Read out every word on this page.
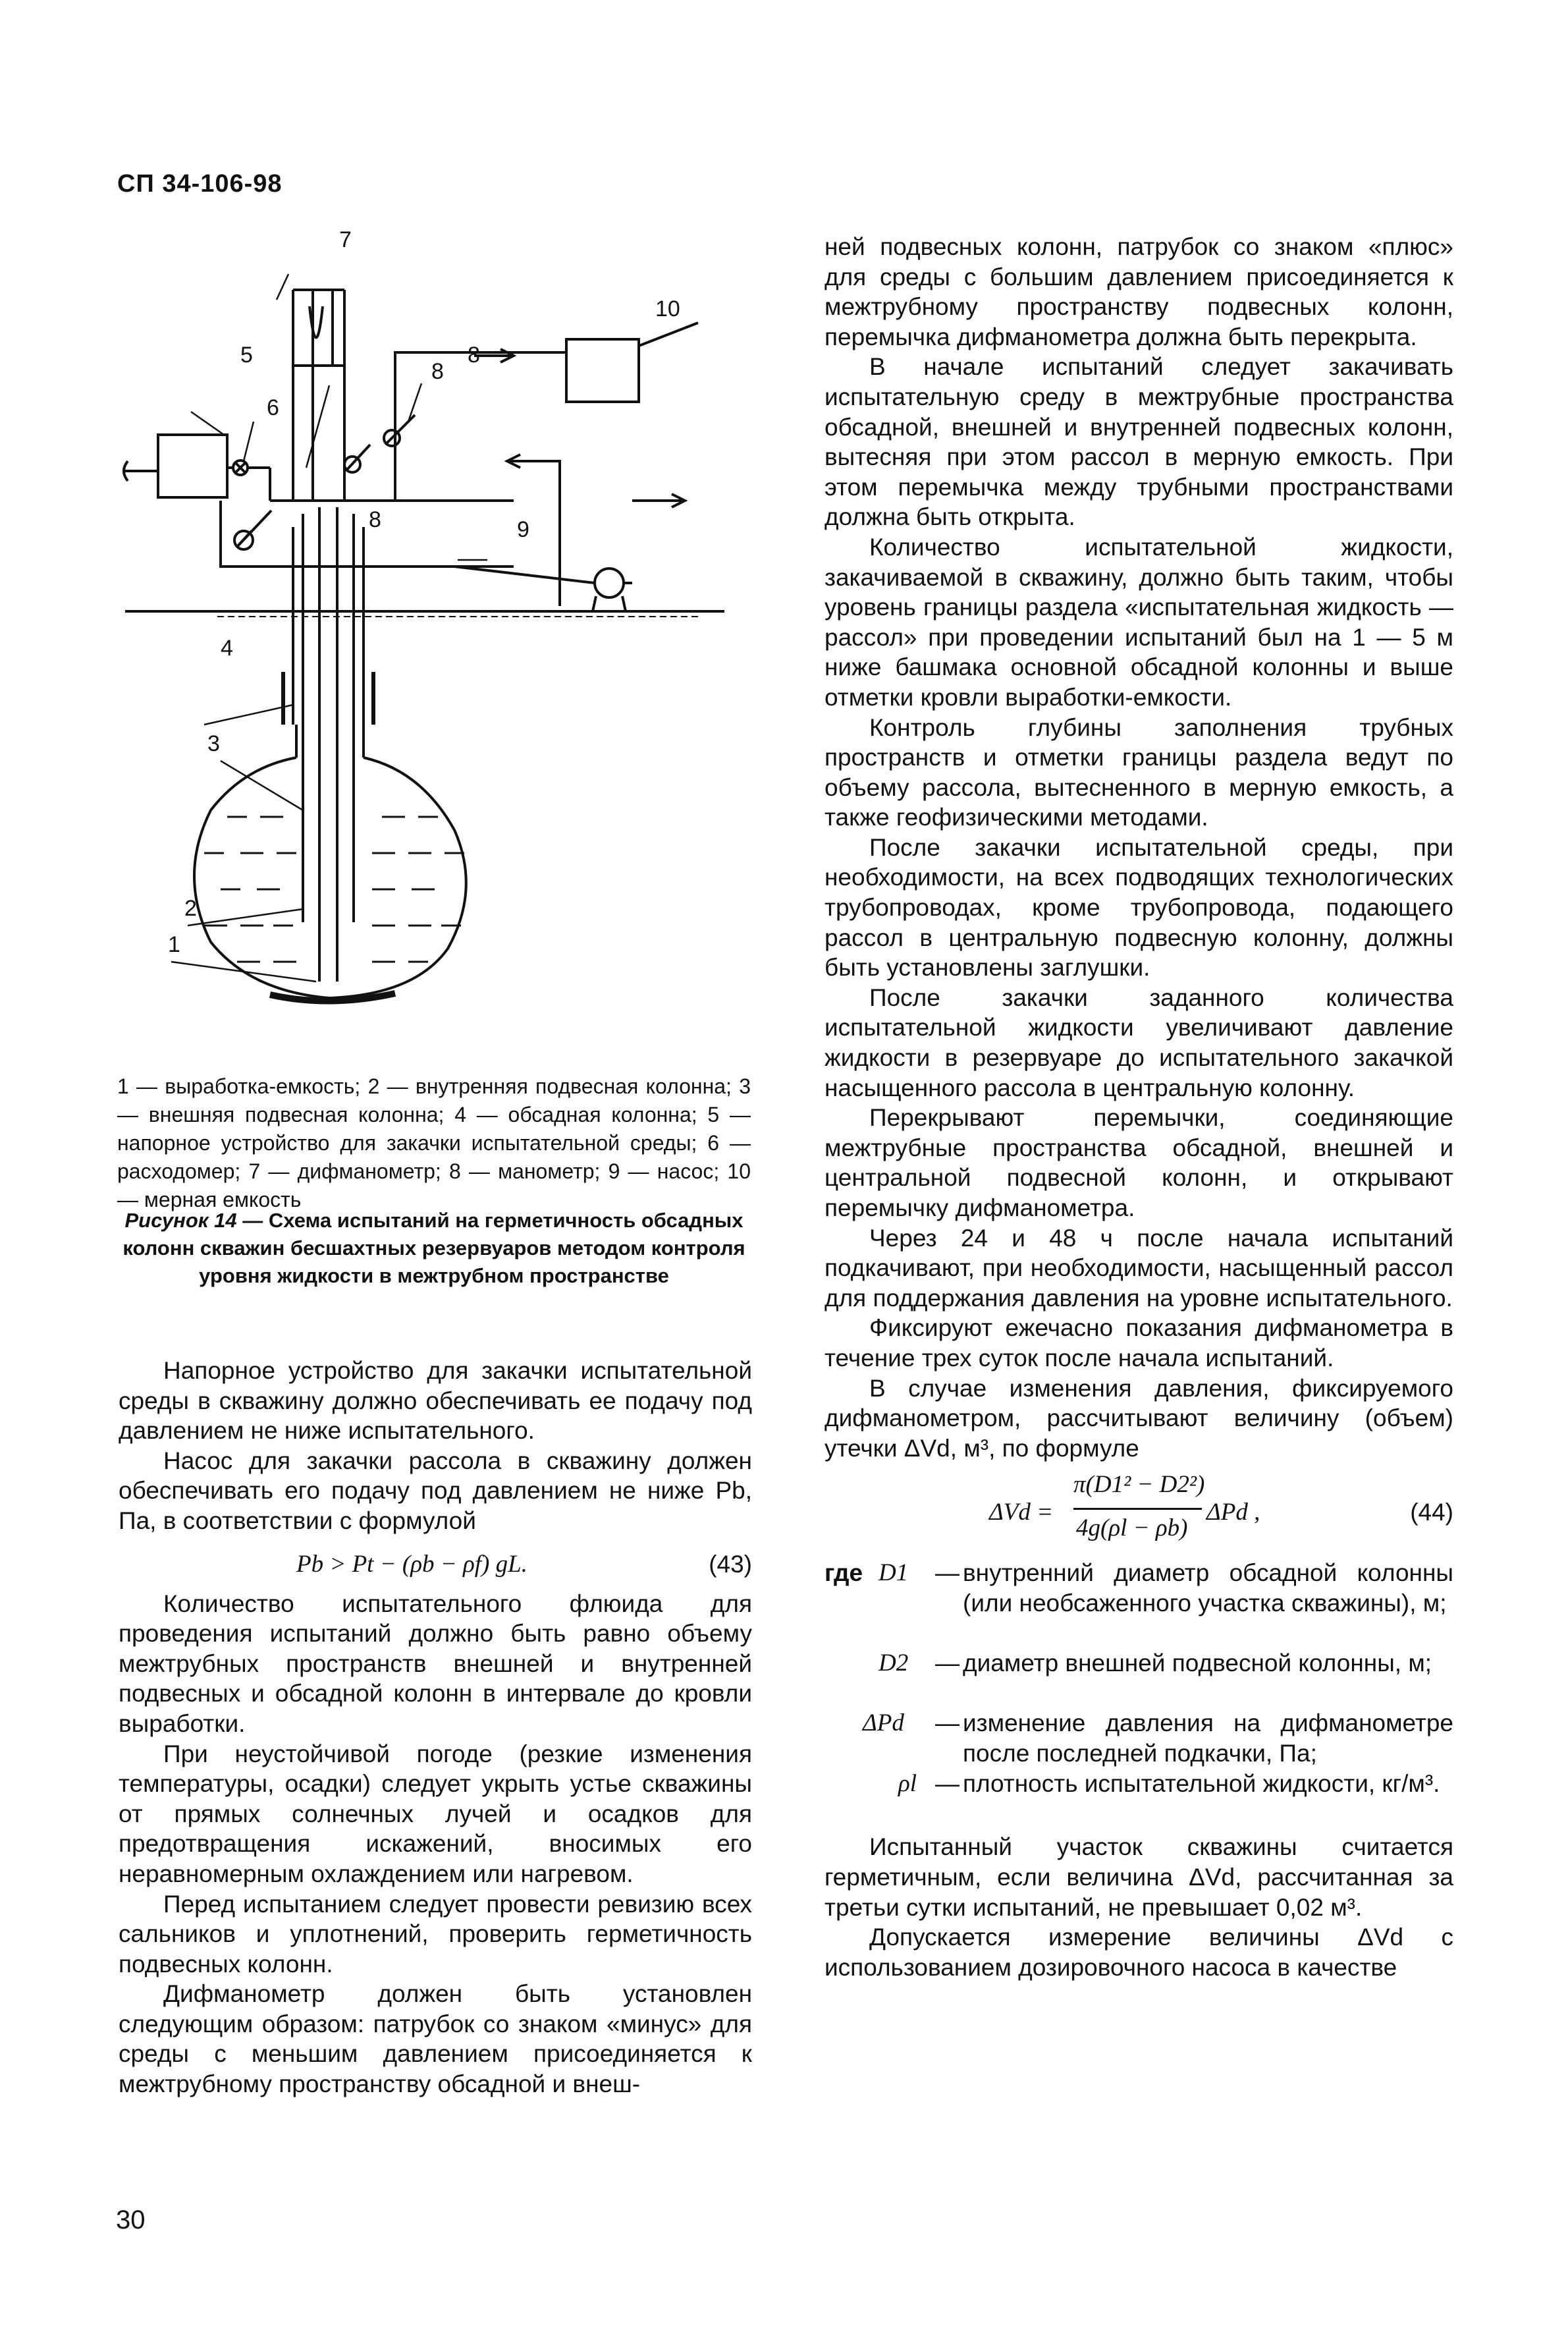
СП 34-106-98
1
2
3
4
5
6
7
8
8
8	9
10
1 — выработка-емкость; 2 — внутренняя подвесная колонна; 3 — внешняя подвесная колонна; 4 — обсадная колонна; 5 — напорное устройство для закачки испытательной среды; 6 — расходомер; 7 — дифманометр; 8 — манометр; 9 — насос; 10 — мерная емкость
Рисунок 14 — Схема испытаний на герметичность обсадных колонн скважин бесшахтных резервуаров методом контроля уровня жидкости в межтрубном пространстве

Напорное устройство для закачки испытательной среды в скважину должно обеспечивать ее подачу под давлением не ниже испытательного.

Насос для закачки рассола в скважину должен обеспечивать его подачу под давлением не ниже Pb, Па, в соответствии с формулой

Pb > Pt − (ρb − ρf) gL.	(43)

Количество испытательного флюида для проведения испытаний должно быть равно объему межтрубных пространств внешней и внутренней подвесных и обсадной колонн в интервале до кровли выработки.

При неустойчивой погоде (резкие изменения температуры, осадки) следует укрыть устье скважины от прямых солнечных лучей и осадков для предотвращения искажений, вносимых его неравномерным охлаждением или нагревом.

Перед испытанием следует провести ревизию всех сальников и уплотнений, проверить герметичность подвесных колонн.

Дифманометр должен быть установлен следующим образом: патрубок со знаком «минус» для среды с меньшим давлением присоединяется к межтрубному пространству обсадной и внеш-

ней подвесных колонн, патрубок со знаком «плюс» для среды с большим давлением присоединяется к межтрубному пространству подвесных колонн, перемычка дифманометра должна быть перекрыта.

В начале испытаний следует закачивать испытательную среду в межтрубные пространства обсадной, внешней и внутренней подвесных колонн, вытесняя при этом рассол в мерную емкость. При этом перемычка между трубными пространствами должна быть открыта.

Количество испытательной жидкости, закачиваемой в скважину, должно быть таким, чтобы уровень границы раздела «испытательная жидкость — рассол» при проведении испытаний был на 1 — 5 м ниже башмака основной обсадной колонны и выше отметки кровли выработки-емкости.

Контроль глубины заполнения трубных пространств и отметки границы раздела ведут по объему рассола, вытесненного в мерную емкость, а также геофизическими методами.

После закачки испытательной среды, при необходимости, на всех подводящих технологических трубопроводах, кроме трубопровода, подающего рассол в центральную подвесную колонну, должны быть установлены заглушки.

После закачки заданного количества испытательной жидкости увеличивают давление жидкости в резервуаре до испытательного закачкой насыщенного рассола в центральную колонну.

Перекрывают перемычки, соединяющие межтрубные пространства обсадной, внешней и центральной подвесной колонн, и открывают перемычку дифманометра.

Через 24 и 48 ч после начала испытаний подкачивают, при необходимости, насыщенный рассол для поддержания давления на уровне испытательного.

Фиксируют ежечасно показания дифманометра в течение трех суток после начала испытаний.

В случае изменения давления, фиксируемого дифманометром, рассчитывают величину (объем) утечки ΔVd, м³, по формуле

ΔVd =
π(D1² − D2²)
4g(ρl − ρb)
ΔPd ,	(44)
где D1 — внутренний диаметр обсадной колонны (или необсаженного участка скважины), м;
D2 — диаметр внешней подвесной колонны, м;
ΔPd — изменение давления на дифманометре после последней подкачки, Па;
ρl — плотность испытательной жидкости, кг/м³.

Испытанный участок скважины считается герметичным, если величина ΔVd, рассчитанная за третьи сутки испытаний, не превышает 0,02 м³.

Допускается измерение величины ΔVd с использованием дозировочного насоса в качестве

30
